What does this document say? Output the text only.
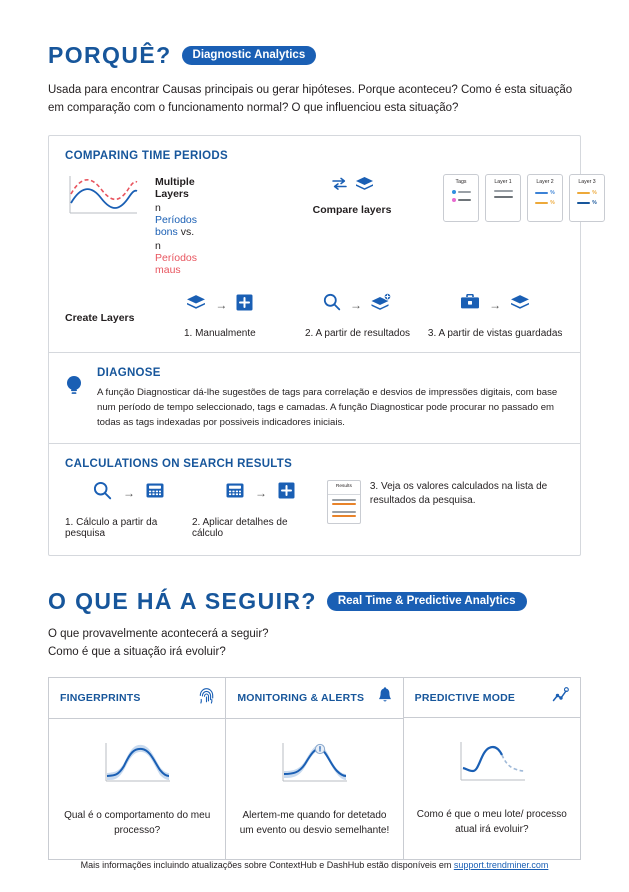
PORQUÊ?	Diagnostic Analytics
Usada para encontrar Causas principais ou gerar hipóteses. Porque aconteceu? Como é esta situação em comparação com o funcionamento normal? O que influenciou esta situação?
COMPARING TIME PERIODS
Multiple Layers
n Períodos bons vs.
n Períodos maus
Compare layers
Tags	Layer 1	Layer 2
%
%
Layer 3
%
%
Create Layers
→
1. Manualmente
→
2. A partir de resultados
→
3. A partir de vistas guardadas
DIAGNOSE
A função Diagnosticar dá-lhe sugestões de tags para correlação e desvios de impressões digitais, com base num período de tempo seleccionado, tags e camadas. A função Diagnosticar pode procurar no passado em todas as tags indexadas por possiveis indicadores iniciais.
CALCULATIONS ON SEARCH RESULTS
→
1. Cálculo a partir da pesquisa
→
2. Aplicar detalhes de cálculo
Results	3. Veja os valores calculados na lista de resultados da pesquisa.
O QUE HÁ A SEGUIR?	Real Time & Predictive Analytics
O que provavelmente acontecerá a seguir?
Como é que a situação irá evoluir?
FINGERPRINTS
Qual é o comportamento do meu processo?
MONITORING & ALERTS
Alertem-me quando for detetado um evento ou desvio semelhante!
PREDICTIVE MODE
Como é que o meu lote/ processo atual irá evoluir?
Mais informações incluindo atualizações sobre ContextHub e DashHub estão disponíveis em support.trendminer.com
